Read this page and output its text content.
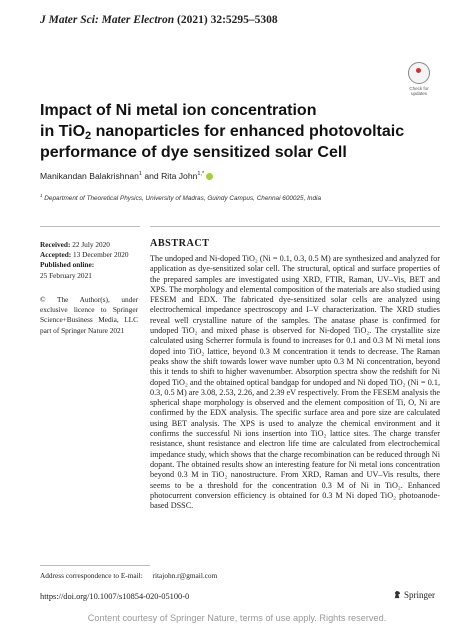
J Mater Sci: Mater Electron (2021) 32:5295–5308
Check for
updates
Impact of Ni metal ion concentration
in TiO$_2$ nanoparticles for enhanced photovoltaic
performance of dye sensitized solar Cell
Manikandan Balakrishnan$^1$ and Rita John$^{1,*}$
$^1$ Department of Theoretical Physics, University of Madras, Guindy Campus, Chennai 600025, India
Received: 22 July 2020
Accepted: 13 December 2020
Published online:
25 February 2021
© The Author(s), under exclusive licence to Springer Science+Business Media, LLC part of Springer Nature 2021
ABSTRACT
The undoped and Ni-doped TiO₂ (Ni = 0.1, 0.3, 0.5 M) are synthesized and analyzed for application as dye-sensitized solar cell. The structural, optical and surface properties of the prepared samples are investigated using XRD, FTIR, Raman, UV–Vis, BET and XPS. The morphology and elemental composition of the materials are also studied using FESEM and EDX. The fabricated dye-sensitized solar cells are analyzed using electrochemical impedance spectroscopy and I–V characterization. The XRD studies reveal well crystalline nature of the samples. The anatase phase is confirmed for undoped TiO₂ and mixed phase is observed for Ni-doped TiO₂. The crystallite size calculated using Scherrer formula is found to increases for 0.1 and 0.3 M Ni metal ions doped into TiO₂ lattice, beyond 0.3 M concentration it tends to decrease. The Raman peaks show the shift towards lower wave number upto 0.3 M Ni concentration, beyond this it tends to shift to higher wavenumber. Absorption spectra show the redshift for Ni doped TiO₂ and the obtained optical bandgap for undoped and Ni doped TiO₂ (Ni = 0.1, 0.3, 0.5 M) are 3.08, 2.53, 2.26, and 2.39 eV respectively. From the FESEM analysis the spherical shape morphology is observed and the element composition of Ti, O, Ni are confirmed by the EDX analysis. The specific surface area and pore size are calculated using BET analysis. The XPS is used to analyze the chemical environment and it confirms the successful Ni ions insertion into TiO₂ lattice sites. The charge transfer resistance, shunt resistance and electron life time are calculated from electrochemical impedance study, which shows that the charge recombination can be reduced through Ni dopant. The obtained results show an interesting feature for Ni metal ions concentration beyond 0.3 M in TiO₂ nanostructure. From XRD, Raman and UV–Vis results, there seems to be a threshold for the concentration 0.3 M of Ni in TiO₂. Enhanced photocurrent conversion efficiency is obtained for 0.3 M Ni doped TiO₂ photoanode-based DSSC.
Address correspondence to E-mail: ritajohn.r@gmail.com
https://doi.org/10.1007/s10854-020-05100-0	Springer
Content courtesy of Springer Nature, terms of use apply. Rights reserved.
